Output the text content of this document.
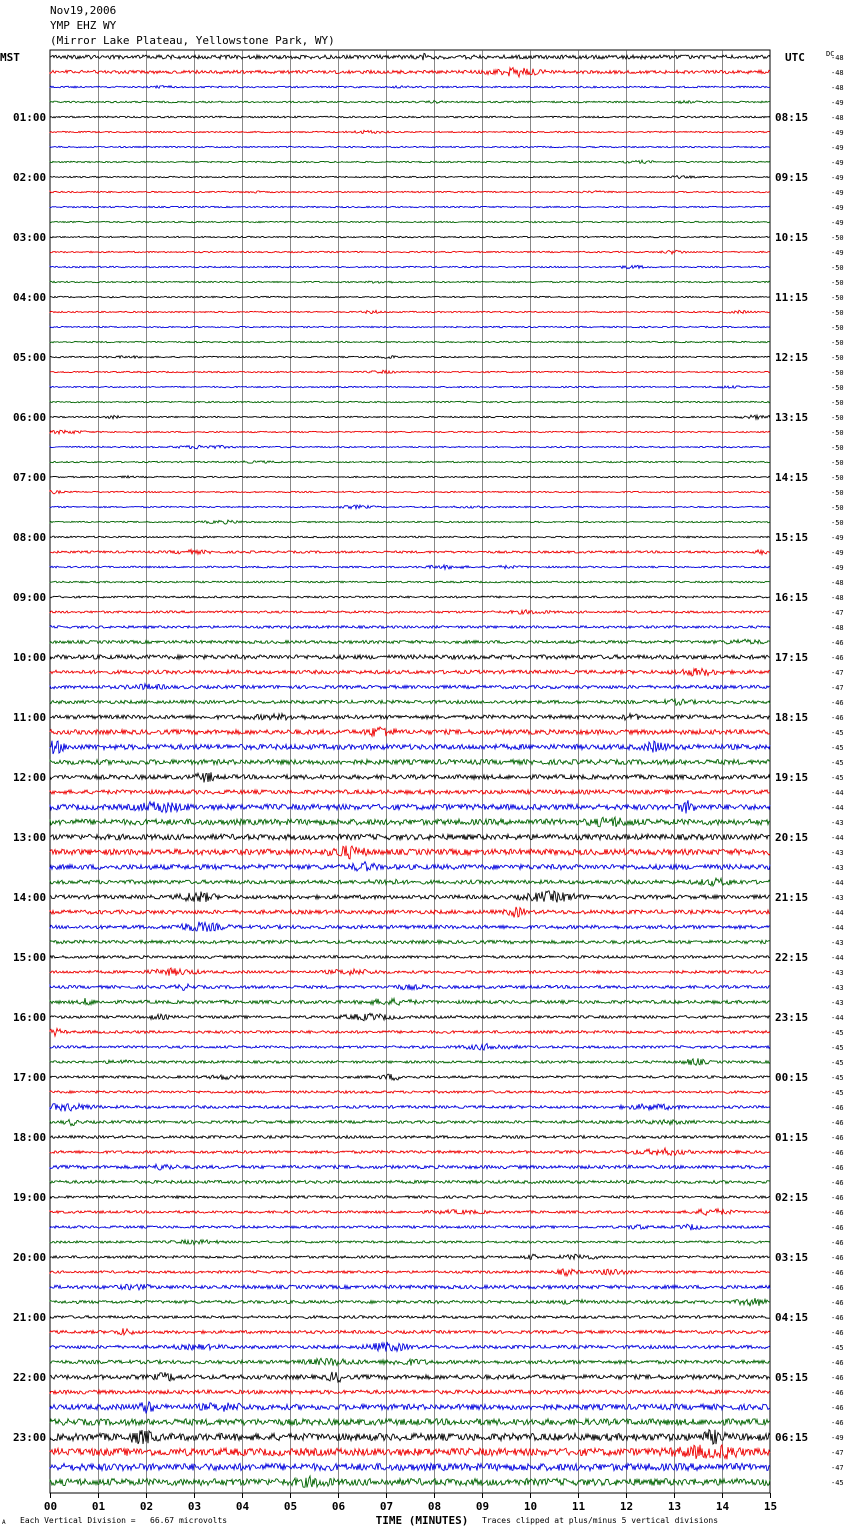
Nov19,2006
YMP EHZ WY
(Mirror Lake Plateau, Yellowstone Park, WY)
MST	UTC	DC
01:00	08:15
02:00	09:15
03:00	10:15
04:00	11:15
05:00	12:15
06:00	13:15
07:00	14:15
08:00	15:15
09:00	16:15
10:00	17:15
11:00	18:15
12:00	19:15
13:00	20:15
14:00	21:15
15:00	22:15
16:00	23:15
17:00	00:15
18:00	01:15
19:00	02:15
20:00	03:15
21:00	04:15
22:00	05:15
23:00	06:15
-48
-48
-48
-49
-48
-49
-49
-49
-49
-49
-49
-49
-50
-49
-50
-50
-50
-50
-50
-50
-50
-50
-50
-50
-50
-50
-50
-50
-50
-50
-50
-50
-49
-49
-49
-48
-48
-47
-48
-46
-46
-47
-47
-46
-46
-45
-45
-45
-45
-44
-44
-43
-44
-43
-43
-44
-43
-44
-44
-43
-44
-43
-43
-43
-44
-45
-45
-45
-45
-45
-46
-46
-46
-46
-46
-46
-46
-46
-46
-46
-46
-46
-46
-46
-46
-46
-45
-46
-46
-46
-46
-46
-49
-47
-47
-45
00	01	02	03	04	05	06	07	08	09	10	11	12	13	14	15
TIME (MINUTES)
A Each Vertical Division =   66.67 microvolts	Traces clipped at plus/minus 5 vertical divisions
